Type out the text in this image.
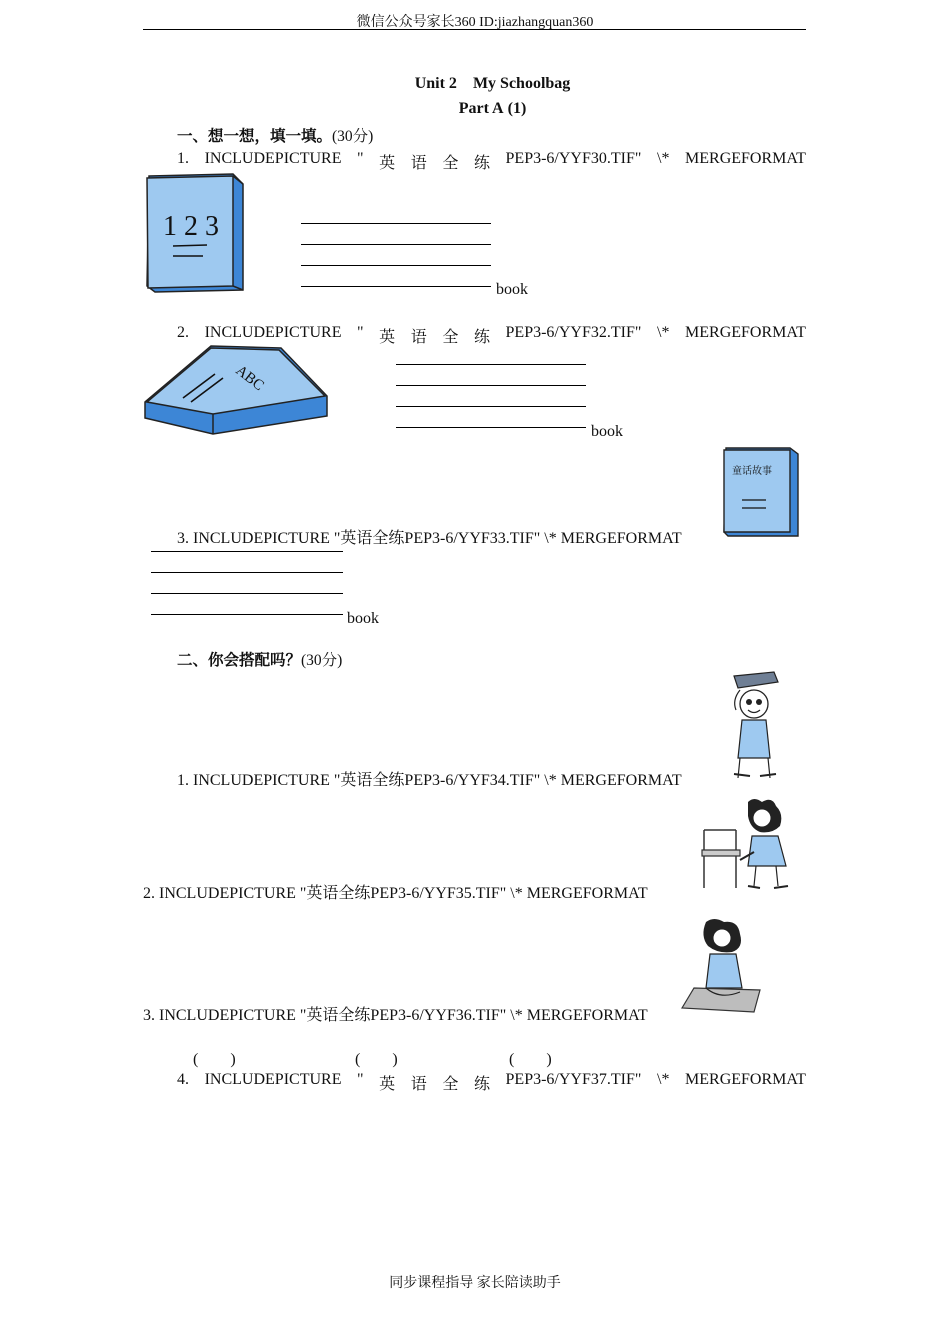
微信公众号家长360 ID:jiazhangquan360
Unit 2 My Schoolbag
Part A (1)
一、想一想，填一填。(30分)
1. INCLUDEPICTURE " 英 语 全 练 PEP3-6/YYF30.TIF" \* MERGEFORMAT
1 2 3
book
2. INCLUDEPICTURE " 英 语 全 练 PEP3-6/YYF32.TIF" \* MERGEFORMAT
ABC
book
童话故事
3. INCLUDEPICTURE "英语全练PEP3-6/YYF33.TIF" \* MERGEFORMAT
book
二、你会搭配吗？(30分)
1. INCLUDEPICTURE "英语全练PEP3-6/YYF34.TIF" \* MERGEFORMAT
2. INCLUDEPICTURE "英语全练PEP3-6/YYF35.TIF" \* MERGEFORMAT
3. INCLUDEPICTURE "英语全练PEP3-6/YYF36.TIF" \* MERGEFORMAT
(　　)	(　　)	(　　)
4. INCLUDEPICTURE " 英 语 全 练 PEP3-6/YYF37.TIF" \* MERGEFORMAT
同步课程指导 家长陪读助手
